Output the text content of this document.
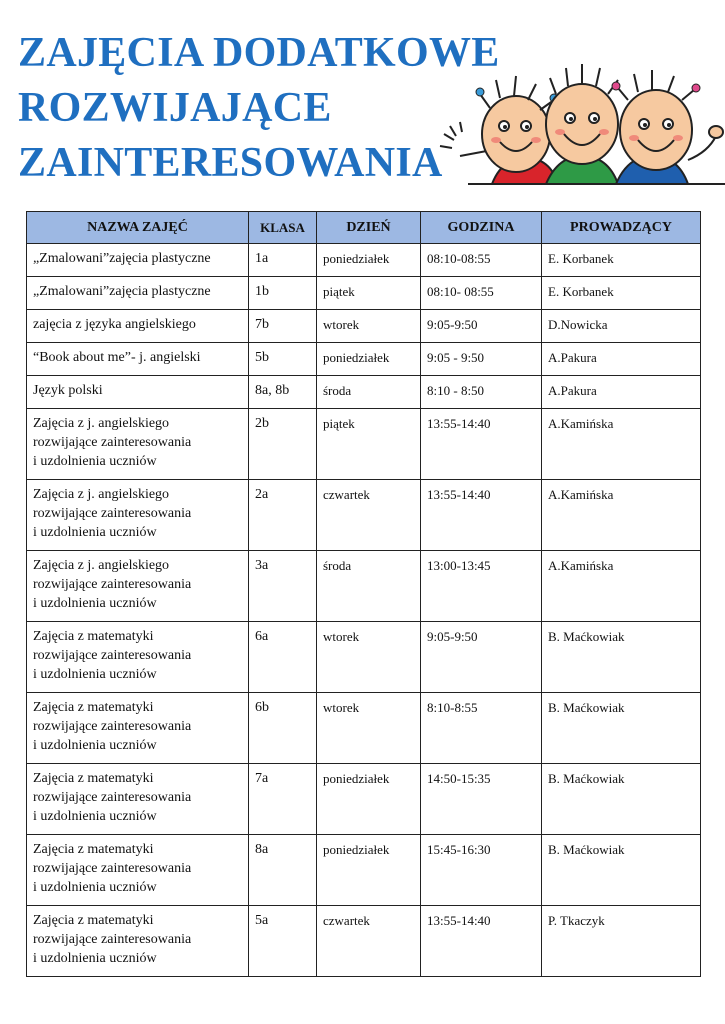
ZAJĘCIA DODATKOWE
ROZWIJAJĄCE
ZAINTERESOWANIA
NAZWA ZAJĘĆ	KLASA	DZIEŃ	GODZINA	PROWADZĄCY

„Zmalowani”zajęcia plastyczne	1a	poniedziałek	08:10-08:55	E. Korbanek

„Zmalowani”zajęcia plastyczne	1b	piątek	08:10- 08:55	E. Korbanek

zajęcia z języka angielskiego	7b	wtorek	9:05-9:50	D.Nowicka

“Book about me”- j. angielski	5b	poniedziałek	9:05 - 9:50	A.Pakura

Język polski	8a, 8b	środa	8:10 - 8:50	A.Pakura

Zajęcia z j. angielskiego
rozwijające zainteresowania
i uzdolnienia uczniów	2b	piątek	13:55-14:40	A.Kamińska

Zajęcia z j. angielskiego
rozwijające zainteresowania
i uzdolnienia uczniów	2a	czwartek	13:55-14:40	A.Kamińska

Zajęcia z j. angielskiego
rozwijające zainteresowania
i uzdolnienia uczniów	3a	środa	13:00-13:45	A.Kamińska

Zajęcia z matematyki
rozwijające zainteresowania
i uzdolnienia uczniów	6a	wtorek	9:05-9:50	B. Maćkowiak

Zajęcia z matematyki
rozwijające zainteresowania
i uzdolnienia uczniów	6b	wtorek	8:10-8:55	B. Maćkowiak

Zajęcia z matematyki
rozwijające zainteresowania
i uzdolnienia uczniów	7a	poniedziałek	14:50-15:35	B. Maćkowiak

Zajęcia z matematyki
rozwijające zainteresowania
i uzdolnienia uczniów	8a	poniedziałek	15:45-16:30	B. Maćkowiak

Zajęcia z matematyki
rozwijające zainteresowania
i uzdolnienia uczniów	5a	czwartek	13:55-14:40	P. Tkaczyk
